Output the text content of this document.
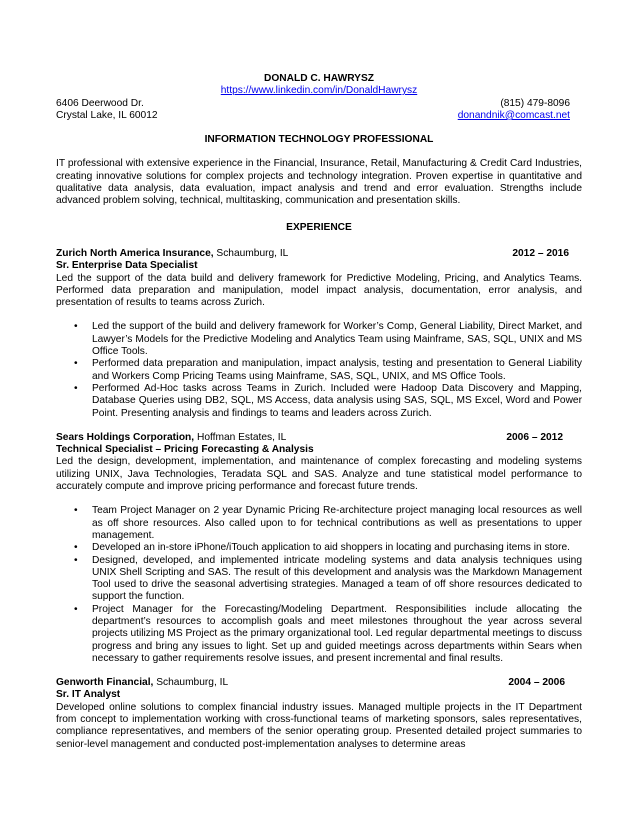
DONALD C. HAWRYSZ
https://www.linkedin.com/in/DonaldHawrysz
6406 Deerwood Dr.	(815) 479-8096
Crystal Lake, IL 60012	donandnik@comcast.net
INFORMATION TECHNOLOGY PROFESSIONAL

IT professional with extensive experience in the Financial, Insurance, Retail, Manufacturing & Credit Card Industries, creating innovative solutions for complex projects and technology integration. Proven expertise in quantitative and qualitative data analysis, data evaluation, impact analysis and trend and error evaluation. Strengths include advanced problem solving, technical, multitasking, communication and presentation skills.

EXPERIENCE
Zurich North America Insurance, Schaumburg, IL	2012 – 2016
Sr. Enterprise Data Specialist

Led the support of the data build and delivery framework for Predictive Modeling, Pricing, and Analytics Teams. Performed data preparation and manipulation, model impact analysis, documentation, error analysis, and presentation of results to teams across Zurich.

• Led the support of the build and delivery framework for Worker’s Comp, General Liability, Direct Market, and Lawyer’s Models for the Predictive Modeling and Analytics Team using Mainframe, SAS, SQL, UNIX and MS Office Tools.
• Performed data preparation and manipulation, impact analysis, testing and presentation to General Liability and Workers Comp Pricing Teams using Mainframe, SAS, SQL, UNIX, and MS Office Tools.
• Performed Ad-Hoc tasks across Teams in Zurich. Included were Hadoop Data Discovery and Mapping, Database Queries using DB2, SQL, MS Access, data analysis using SAS, SQL, MS Excel, Word and Power Point. Presenting analysis and findings to teams and leaders across Zurich.
Sears Holdings Corporation, Hoffman Estates, IL	2006 – 2012
Technical Specialist – Pricing Forecasting & Analysis

Led the design, development, implementation, and maintenance of complex forecasting and modeling systems utilizing UNIX, Java Technologies, Teradata SQL and SAS. Analyze and tune statistical model performance to accurately compute and improve pricing performance and forecast future trends.

• Team Project Manager on 2 year Dynamic Pricing Re-architecture project managing local resources as well as off shore resources. Also called upon to for technical contributions as well as presentations to upper management.
• Developed an in-store iPhone/iTouch application to aid shoppers in locating and purchasing items in store.
• Designed, developed, and implemented intricate modeling systems and data analysis techniques using UNIX Shell Scripting and SAS. The result of this development and analysis was the Markdown Management Tool used to drive the seasonal advertising strategies. Managed a team of off shore resources dedicated to support the function.
• Project Manager for the Forecasting/Modeling Department. Responsibilities include allocating the department’s resources to accomplish goals and meet milestones throughout the year across several projects utilizing MS Project as the primary organizational tool. Led regular departmental meetings to discuss progress and bring any issues to light. Set up and guided meetings across departments within Sears when necessary to gather requirements resolve issues, and present incremental and final results.
Genworth Financial, Schaumburg, IL	2004 – 2006
Sr. IT Analyst

Developed online solutions to complex financial industry issues. Managed multiple projects in the IT Department from concept to implementation working with cross-functional teams of marketing sponsors, sales representatives, compliance representatives, and members of the senior operating group. Presented detailed project summaries to senior-level management and conducted post-implementation analyses to determine areas
